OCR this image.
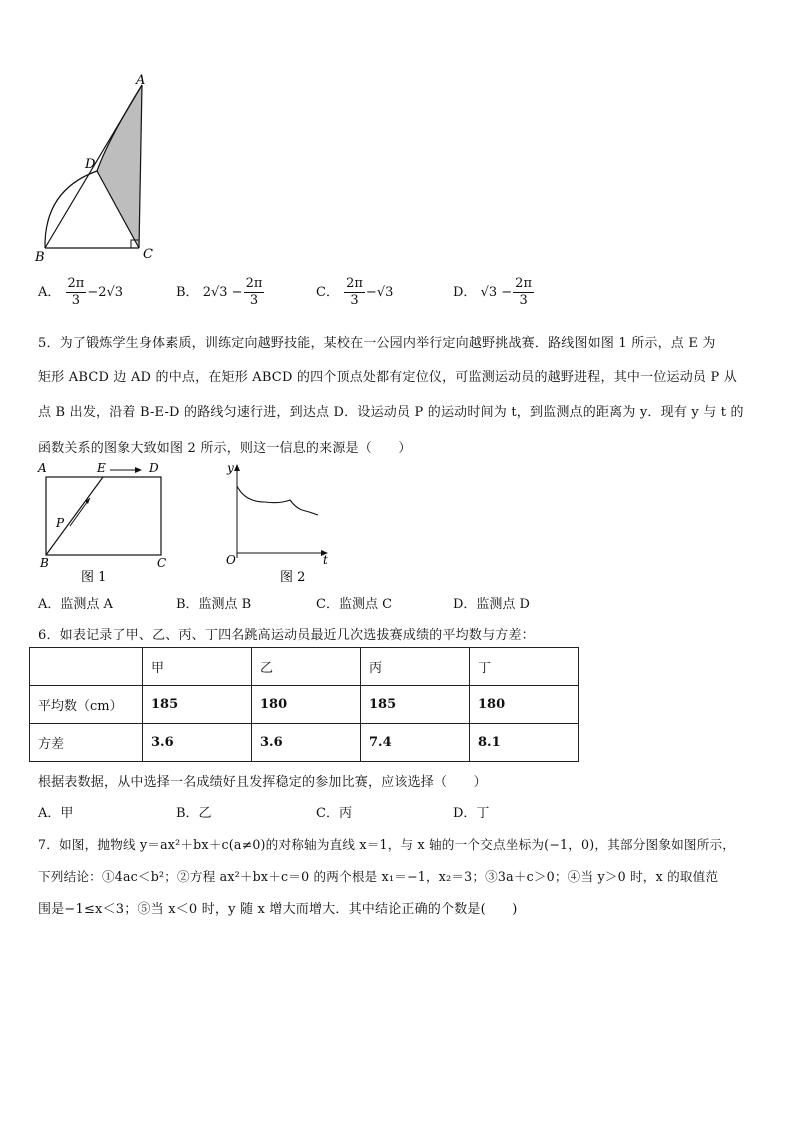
A
D
B	C
A． $\frac{2\pi}{3} -2√3$	B． $2√3 - \frac{2\pi}{3}$	C． $\frac{2\pi}{3} -√3$	D． $√3 - \frac{2\pi}{3}$
5．为了锻炼学生身体素质，训练定向越野技能，某校在一公园内举行定向越野挑战赛．路线图如图 1 所示，点 E 为
矩形 ABCD 边 AD 的中点，在矩形 ABCD 的四个顶点处都有定位仪，可监测运动员的越野进程，其中一位运动员 P 从
点 B 出发，沿着 B-E-D 的路线匀速行进，到达点 D．设运动员 P 的运动时间为 t，到监测点的距离为 y．现有 y 与 t 的
函数关系的图象大致如图 2 所示，则这一信息的来源是（　　）
A	E	D
P
B	C
图 1
y
O	t
图 2
A．监测点 A	B．监测点 B	C．监测点 C	D．监测点 D
6．如表记录了甲、乙、丙、丁四名跳高运动员最近几次选拔赛成绩的平均数与方差：
	甲	乙	丙	丁
平均数（cm）	185	180	185	180
方差	3.6	3.6	7.4	8.1
根据表数据，从中选择一名成绩好且发挥稳定的参加比赛，应该选择（　　）
A．甲	B．乙	C．丙	D．丁
7．如图，抛物线 y＝ax²＋bx＋c(a≠0)的对称轴为直线 x＝1，与 x 轴的一个交点坐标为(−1，0)，其部分图象如图所示，
下列结论：①4ac＜b²；②方程 ax²＋bx＋c＝0 的两个根是 x₁＝−1，x₂＝3；③3a＋c＞0；④当 y＞0 时，x 的取值范
围是−1≤x＜3；⑤当 x＜0 时，y 随 x 增大而增大．其中结论正确的个数是(　　)
